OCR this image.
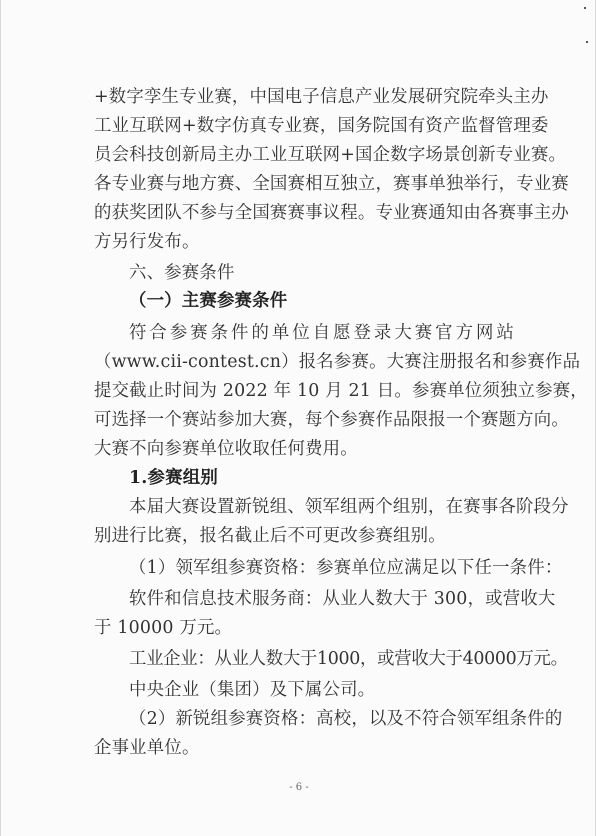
+数字孪生专业赛，中国电子信息产业发展研究院牵头主办
工业互联网+数字仿真专业赛，国务院国有资产监督管理委
员会科技创新局主办工业互联网+国企数字场景创新专业赛。
各专业赛与地方赛、全国赛相互独立，赛事单独举行，专业赛
的获奖团队不参与全国赛赛事议程。专业赛通知由各赛事主办
方另行发布。
六、参赛条件
（一）主赛参赛条件
符合参赛条件的单位自愿登录大赛官方网站
（www.cii-contest.cn）报名参赛。大赛注册报名和参赛作品
提交截止时间为 2022 年 10 月 21 日。参赛单位须独立参赛，
可选择一个赛站参加大赛，每个参赛作品限报一个赛题方向。
大赛不向参赛单位收取任何费用。
1.参赛组别
本届大赛设置新锐组、领军组两个组别，在赛事各阶段分
别进行比赛，报名截止后不可更改参赛组别。
（1）领军组参赛资格：参赛单位应满足以下任一条件：
软件和信息技术服务商：从业人数大于 300，或营收大
于 10000 万元。
工业企业：从业人数大于1000，或营收大于40000万元。
中央企业（集团）及下属公司。
（2）新锐组参赛资格：高校，以及不符合领军组条件的
企事业单位。
- 6 -
